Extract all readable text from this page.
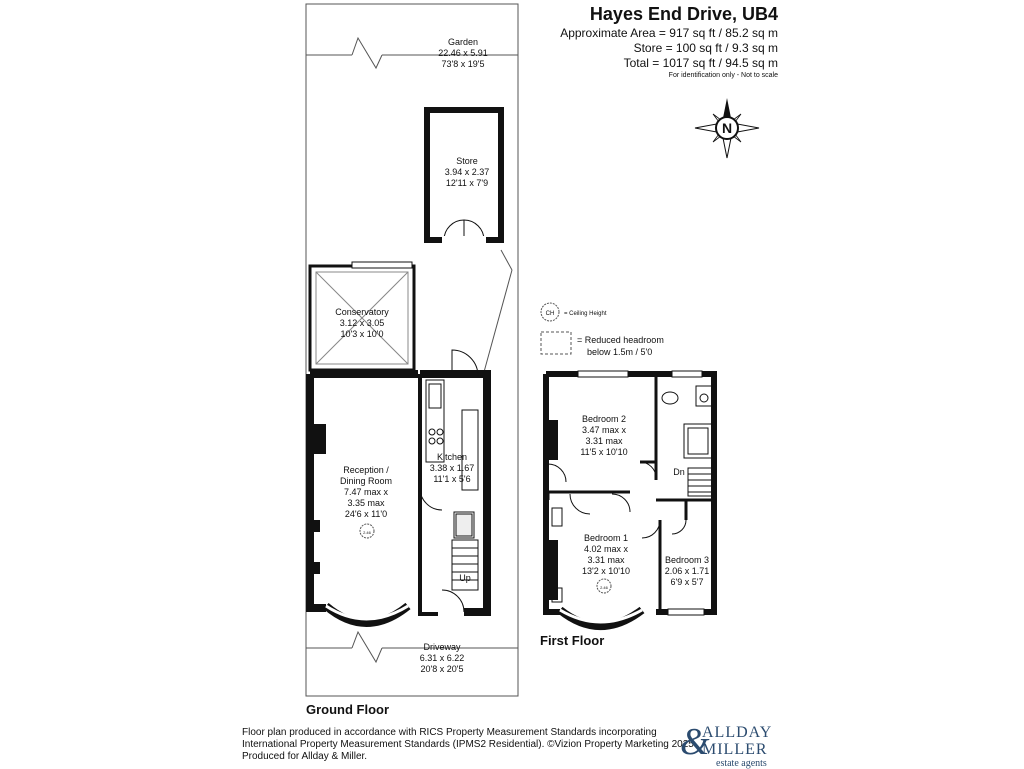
Garden
22.46 x 5.91
73'8 x 19'5
Store
3.94 x 2.37
12'11 x 7'9
Conservatory
3.12 x 3.05
10'3 x 10'0
Kitchen
3.38 x 1.67
11'1 x 5'6
Reception /
Dining Room
7.47 max x
3.35 max
24'6 x 11'0
2.46
Up
Driveway
6.31 x 6.22
20'8 x 20'5
Ground Floor
Bedroom 2
3.47 max x
3.31 max
11'5 x 10'10
Dn
Bedroom 1
4.02 max x
3.31 max
13'2 x 10'10
2.46
Bedroom 3
2.06 x 1.71
6'9 x 5'7
First Floor
CH = Ceiling Height
= Reduced headroom
below 1.5m / 5'0
N
Hayes End Drive, UB4
Approximate Area = 917 sq ft / 85.2 sq m
Store = 100 sq ft / 9.3 sq m
Total = 1017 sq ft / 94.5 sq m
For identification only - Not to scale
Floor plan produced in accordance with RICS Property Measurement Standards incorporating
International Property Measurement Standards (IPMS2 Residential). ©Vizion Property Marketing 2025.
Produced for Allday & Miller.	&
ALLDAY
MILLER
estate agents
